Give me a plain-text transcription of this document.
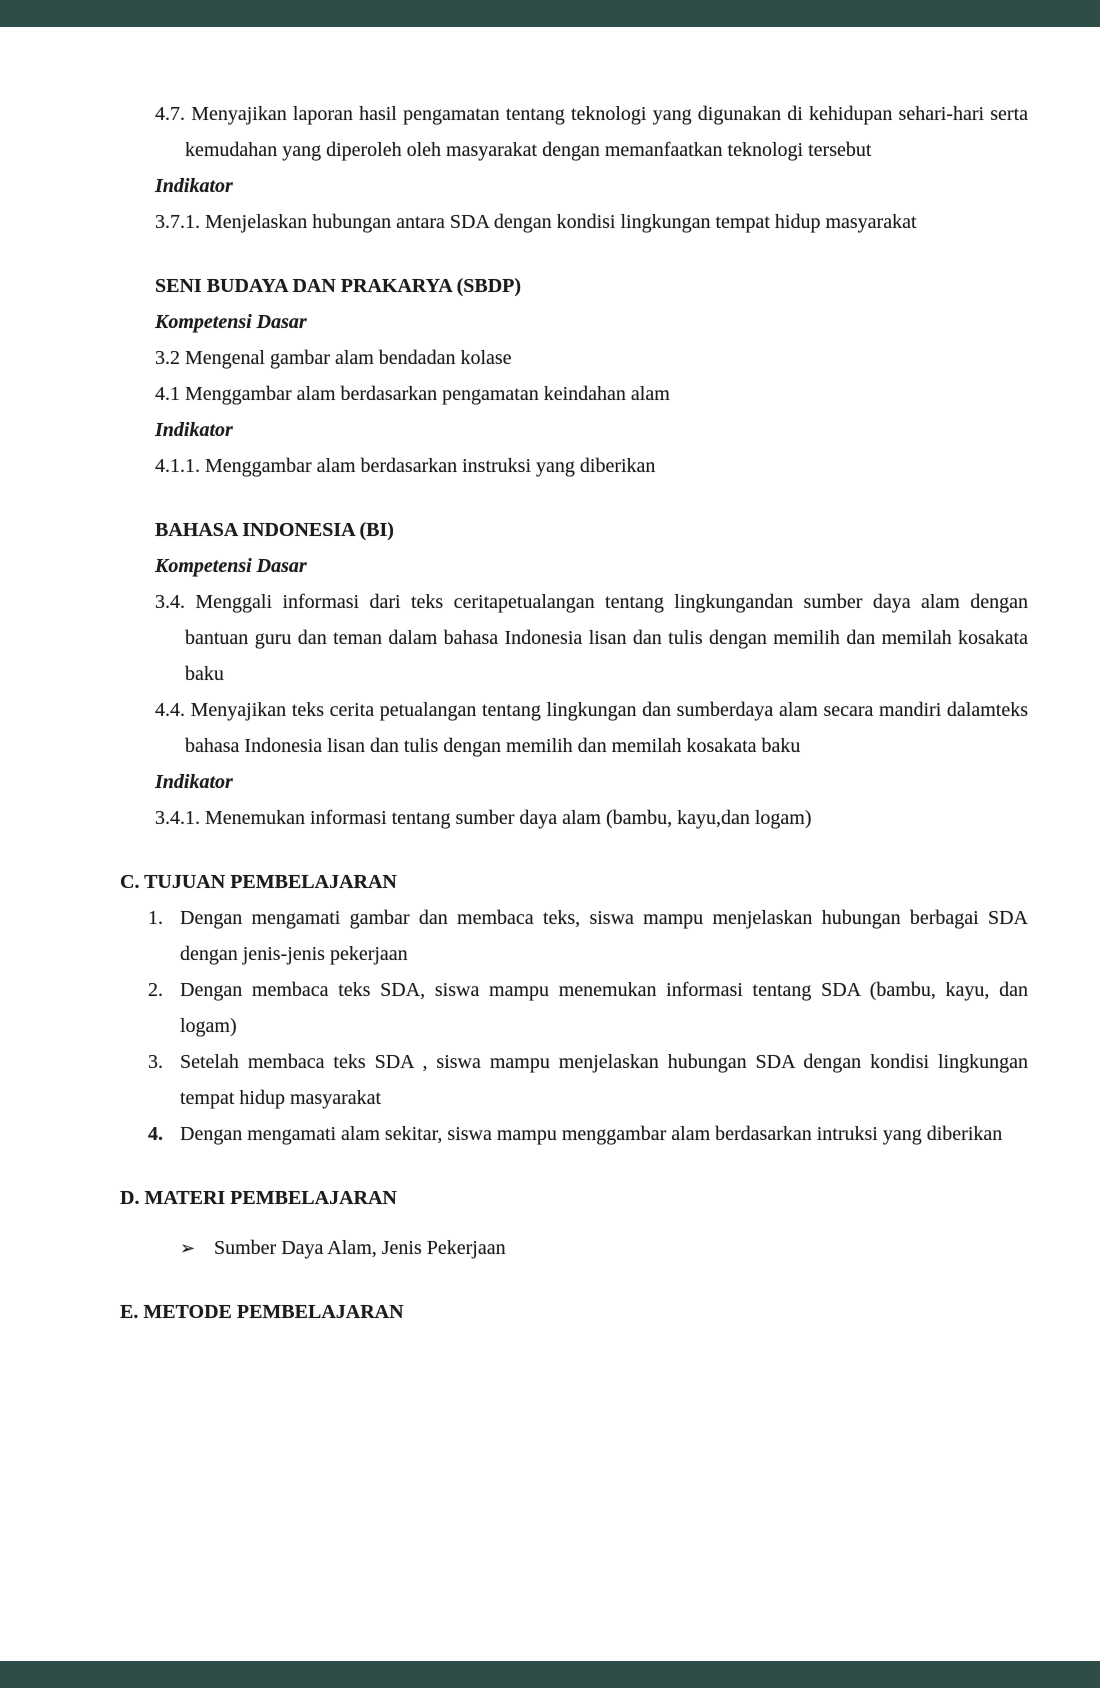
4.7. Menyajikan laporan hasil pengamatan tentang teknologi yang digunakan di kehidupan sehari-hari serta kemudahan yang diperoleh oleh masyarakat dengan memanfaatkan teknologi tersebut

Indikator

3.7.1. Menjelaskan hubungan antara SDA dengan kondisi lingkungan tempat hidup masyarakat

SENI BUDAYA DAN PRAKARYA (SBDP)

Kompetensi Dasar

3.2 Mengenal gambar alam bendadan kolase

4.1 Menggambar alam berdasarkan pengamatan keindahan alam

Indikator

4.1.1. Menggambar alam berdasarkan instruksi yang diberikan

BAHASA INDONESIA (BI)

Kompetensi Dasar

3.4. Menggali informasi dari teks ceritapetualangan tentang lingkungandan sumber daya alam dengan bantuan guru dan teman dalam bahasa Indonesia lisan dan tulis dengan memilih dan memilah kosakata baku

4.4. Menyajikan teks cerita petualangan tentang lingkungan dan sumberdaya alam secara mandiri dalamteks bahasa Indonesia lisan dan tulis dengan memilih dan memilah kosakata baku

Indikator

3.4.1. Menemukan informasi tentang sumber daya alam (bambu, kayu,dan logam)

C. TUJUAN PEMBELAJARAN
1. Dengan mengamati gambar dan membaca teks, siswa mampu menjelaskan hubungan berbagai SDA dengan jenis-jenis pekerjaan
2. Dengan membaca teks SDA, siswa mampu menemukan informasi tentang SDA (bambu, kayu, dan logam)
3. Setelah membaca teks SDA , siswa mampu menjelaskan hubungan SDA dengan kondisi lingkungan tempat hidup masyarakat
4. Dengan mengamati alam sekitar, siswa mampu menggambar alam berdasarkan intruksi yang diberikan
D. MATERI PEMBELAJARAN
➢ Sumber Daya Alam, Jenis Pekerjaan
E. METODE PEMBELAJARAN
